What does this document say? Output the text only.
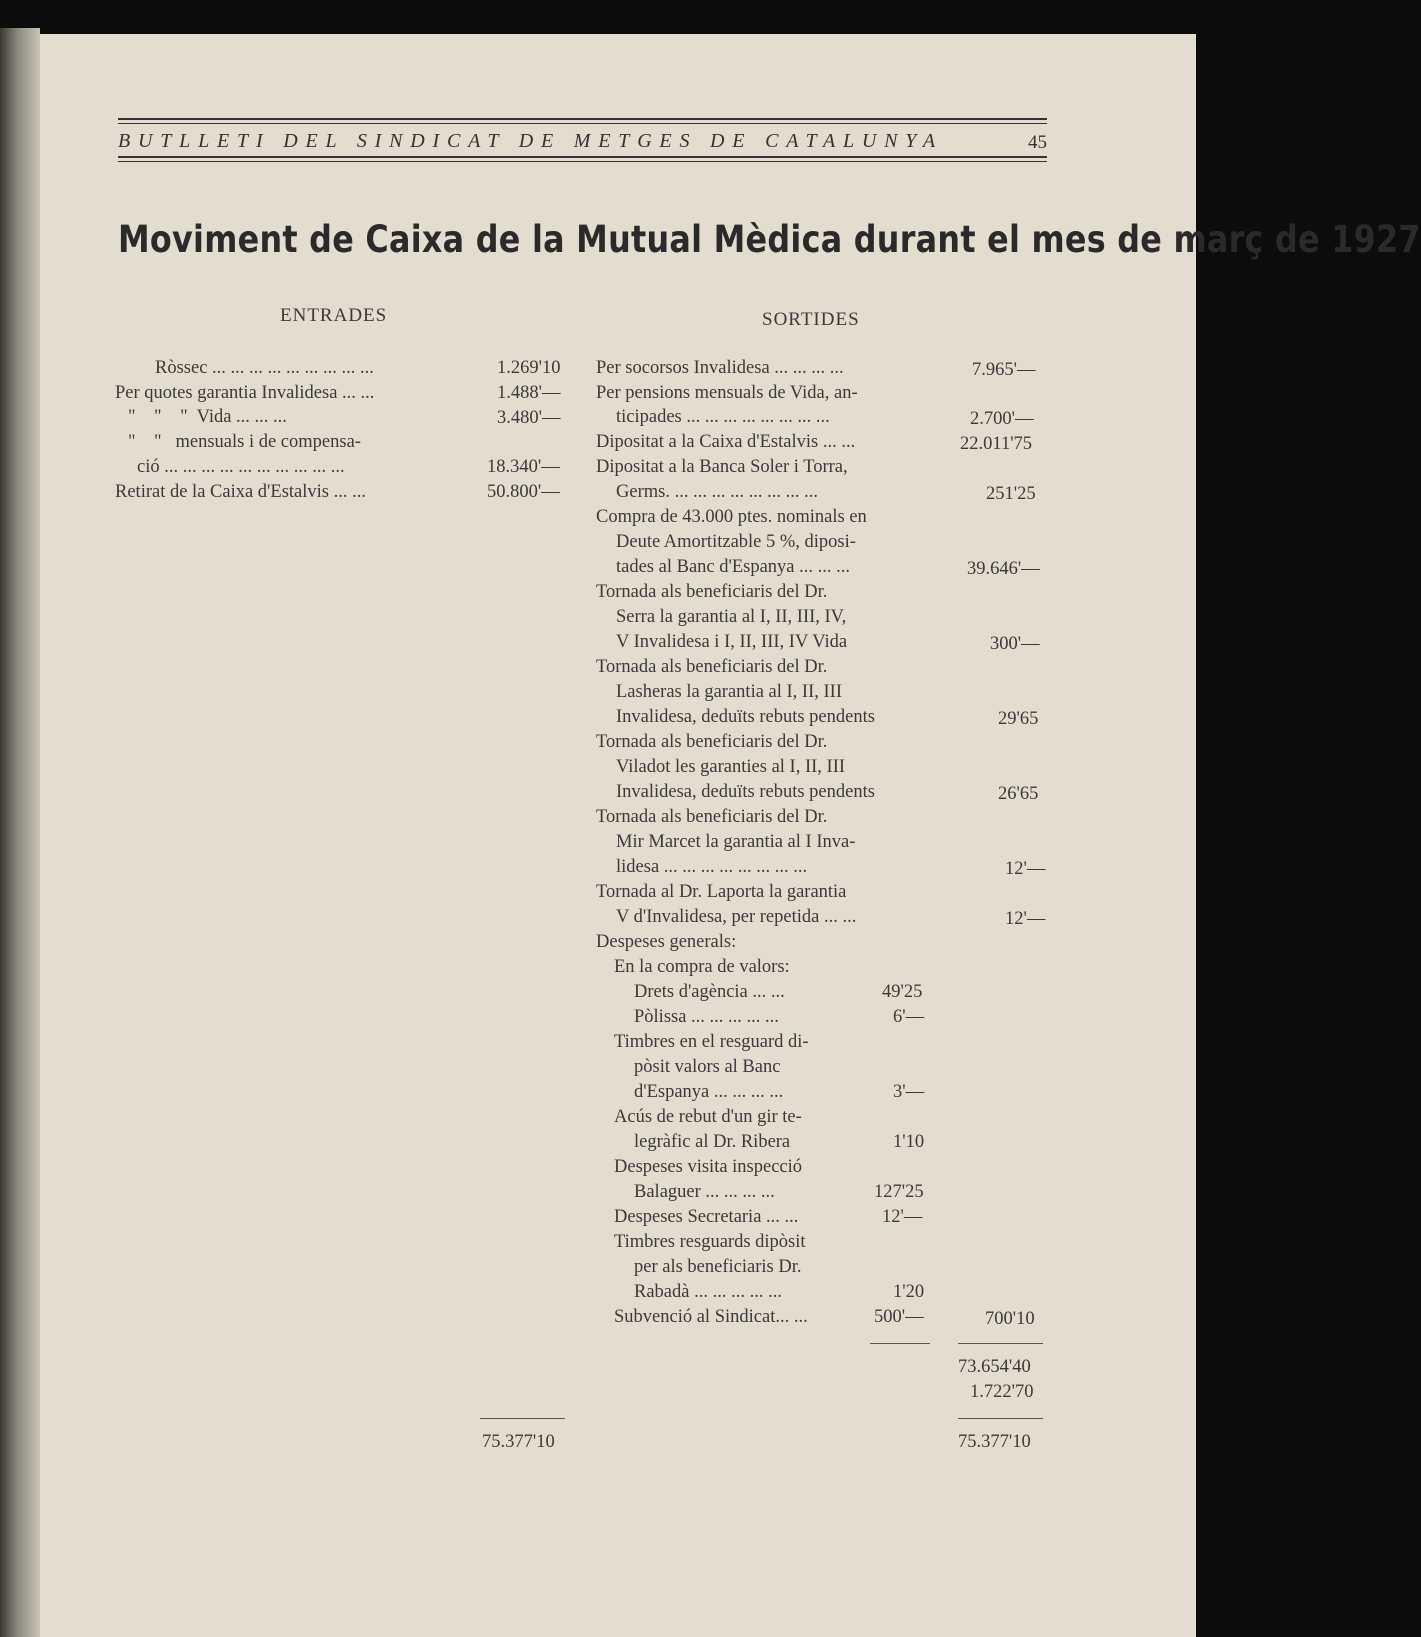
BUTLLETI DEL SINDICAT DE METGES DE CATALUNYA	45
Moviment de Caixa de la Mutual Mèdica durant el mes de març de 1927
ENTRADES	SORTIDES
Ròssec ... ... ... ... ... ... ... ... ...
Per quotes garantia Invalidesa ... ...
"    "    "  Vida ... ... ...
"    "   mensuals i de compensa-
ció ... ... ... ... ... ... ... ... ... ...
Retirat de la Caixa d'Estalvis ... ...
1.269'10
1.488'—
3.480'—
18.340'—
50.800'—
75.377'10
Per socorsos Invalidesa ... ... ... ...
Per pensions mensuals de Vida, an-
ticipades ... ... ... ... ... ... ... ...
Dipositat a la Caixa d'Estalvis ... ...
Dipositat a la Banca Soler i Torra,
Germs. ... ... ... ... ... ... ... ...
Compra de 43.000 ptes. nominals en
Deute Amortitzable 5 %, diposi-
tades al Banc d'Espanya ... ... ...
Tornada als beneficiaris del Dr.
Serra la garantia al I, II, III, IV,
V Invalidesa i I, II, III, IV Vida
Tornada als beneficiaris del Dr.
Lasheras la garantia al I, II, III
Invalidesa, deduïts rebuts pendents
Tornada als beneficiaris del Dr.
Viladot les garanties al I, II, III
Invalidesa, deduïts rebuts pendents
Tornada als beneficiaris del Dr.
Mir Marcet la garantia al I Inva-
lidesa ... ... ... ... ... ... ... ...
Tornada al Dr. Laporta la garantia
V d'Invalidesa, per repetida ... ...
Despeses generals:
En la compra de valors:
Drets d'agència ... ...
Pòlissa ... ... ... ... ...
Timbres en el resguard di-
pòsit valors al Banc
d'Espanya ... ... ... ...
Acús de rebut d'un gir te-
legràfic al Dr. Ribera
Despeses visita inspecció
Balaguer ... ... ... ...
Despeses Secretaria ... ...
Timbres resguards dipòsit
per als beneficiaris Dr.
Rabadà ... ... ... ... ...
Subvenció al Sindicat... ...
49'25
6'—
3'—
1'10
127'25
12'—
1'20
500'—
7.965'—
2.700'—
22.011'75
251'25
39.646'—
300'—
29'65
26'65
12'—
12'—
700'10
73.654'40
1.722'70
75.377'10
